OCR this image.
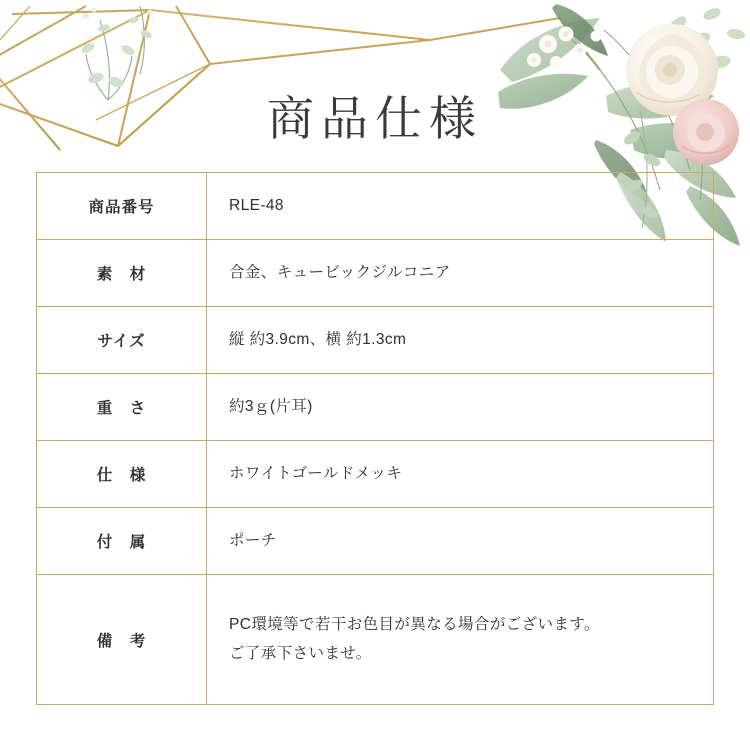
商品仕様
商品番号	RLE-48

素　材	合金、キュービックジルコニア

サイズ	縦 約3.9cm、横 約1.3cm

重　さ	約3ｇ(片耳)

仕　様	ホワイトゴールドメッキ

付　属	ポーチ

備　考	PC環境等で若干お色目が異なる場合がございます。
ご了承下さいませ。
